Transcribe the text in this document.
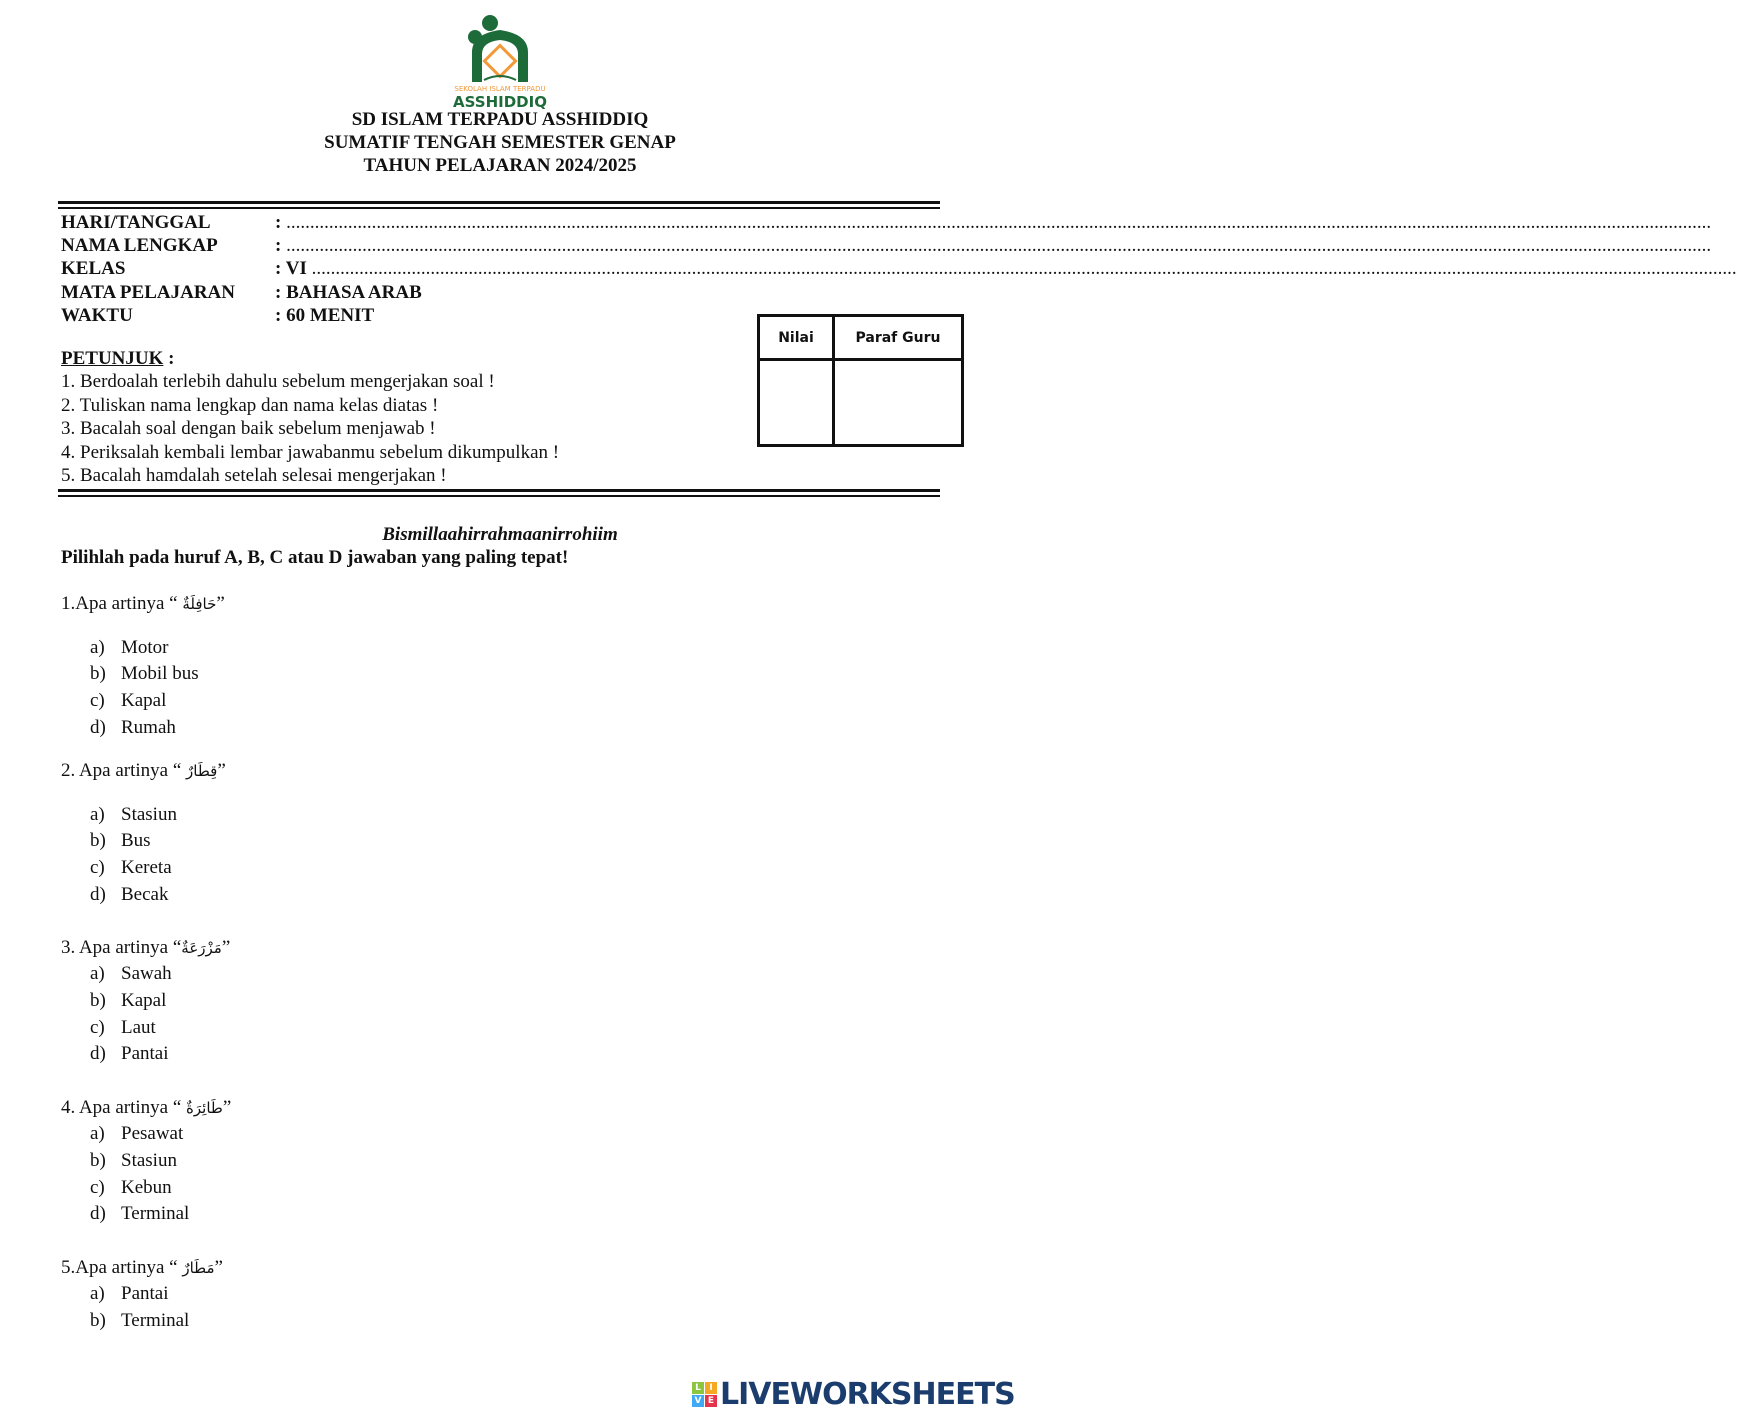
SEKOLAH ISLAM TERPADU
ASSHIDDIQ
SD ISLAM TERPADU ASSHIDDIQ
SUMATIF TENGAH SEMESTER GENAP
TAHUN PELAJARAN 2024/2025
Nilai	Paraf Guru

PETUNJUK :
Bismillaahirrahmaanirrohiim
Pilihlah pada huruf A, B, C atau D jawaban yang paling tepat!
L I
V E LIVEWORKSHEETS
HARI/TANGGAL	: ............................................................................................................................................................................................................................................................................................................
NAMA LENGKAP	: ............................................................................................................................................................................................................................................................................................................
KELAS	: VI ............................................................................................................................................................................................................................................................................................................
MATA PELAJARAN : BAHASA ARAB
WAKTU	: 60 MENIT
1. Berdoalah terlebih dahulu sebelum mengerjakan soal !
2. Tuliskan nama lengkap dan nama kelas diatas !
3. Bacalah soal dengan baik sebelum menjawab !
4. Periksalah kembali lembar jawabanmu sebelum dikumpulkan !
5. Bacalah hamdalah setelah selesai mengerjakan !
1.Apa artinya “ حَافِلَةٌ”
a) Motor
b) Mobil bus
c) Kapal
d) Rumah
2. Apa artinya “ قِطَارٌ”
a) Stasiun
b) Bus
c) Kereta
d) Becak
3. Apa artinya “مَزْرَعَةٌ”
a) Sawah
b) Kapal
c) Laut
d) Pantai
4. Apa artinya “ طَائِرَةٌ”
a) Pesawat
b) Stasiun
c) Kebun
d) Terminal
5.Apa artinya “ مَطَارٌ”
a) Pantai
b) Terminal
